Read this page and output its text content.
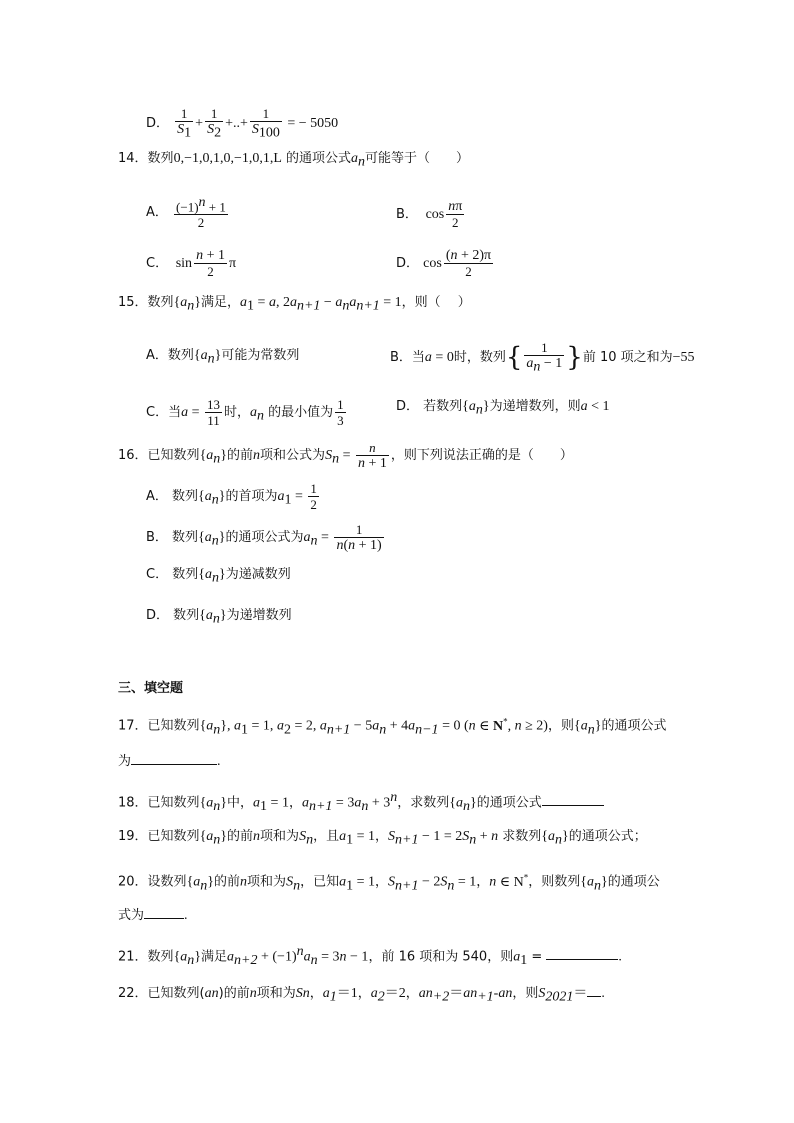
D． $\frac{1}{S_1} + \frac{1}{S_2}$ +..+ $\frac{1}{S_{100}}$ = − 5050
14．数列0,−1,0,1,0,−1,0,1,L 的通项公式$a_n$可能等于（　　）
A． $\frac{(-1)^n + 1}{2}$	B．  $\cos \frac{n\pi}{2}$
C．  $\sin \frac{n + 1}{2}$ π	D． $\cos \frac{(n + 2)\pi}{2}$
15．数列$\{a_n\}$满足，$a_1 = a$, $2a_{n+1} - a_na_{n+1} = 1$，则（　 ）
A．数列$\{a_n\}$可能为常数列	B．当a = 0时，数列{ $\frac{1}{a_n - 1}$ }前 10 项之和为−55
C．当$a = \frac{13}{11}$ 时，$a_n$ 的最小值为 $\frac{1}{3}$	D． 若数列$\{a_n\}$为递增数列，则a < 1
16．已知数列$\{a_n\}$的前n项和公式为$S_n = \frac{n}{n + 1}$ ，则下列说法正确的是（　　）
A． 数列$\{a_n\}$的首项为$a_1 = \frac{1}{2}$
B． 数列$\{a_n\}$的通项公式为$a_n = \frac{1}{n(n + 1)}$
C． 数列$\{a_n\}$为递减数列
D． 数列$\{a_n\}$为递增数列
三、填空题
17．已知数列$\{a_n\}$, $a_1 = 1$, $a_2 = 2$, $a_{n+1} - 5a_n + 4a_{n-1} = 0$ (n ∈ N*, n ≥ 2)，则$\{a_n\}$的通项公式
为	.
18．已知数列$\{a_n\}$中，$a_1 = 1$，$a_{n+1} = 3a_n + 3^n$，求数列$\{a_n\}$的通项公式
19．已知数列$\{a_n\}$的前n项和为$S_n$，且$a_1 = 1$，$S_{n+1} - 1 = 2S_n + n$ 求数列$\{a_n\}$的通项公式；
20．设数列$\{a_n\}$的前n项和为$S_n$，已知$a_1 = 1$，$S_{n+1} - 2S_n = 1$，n ∈ N*，则数列$\{a_n\}$的通项公
式为	.
21．数列$\{a_n\}$满足$a_{n+2} + (-1)^na_n = 3n - 1$，前 16 项和为 540，则$a_1$ =	.
22．已知数列(an)的前n项和为Sn，$a_1=1$，$a_2=2$，$an_{+2}=an_{+1}-an$，则$S_{2021}=$ .
